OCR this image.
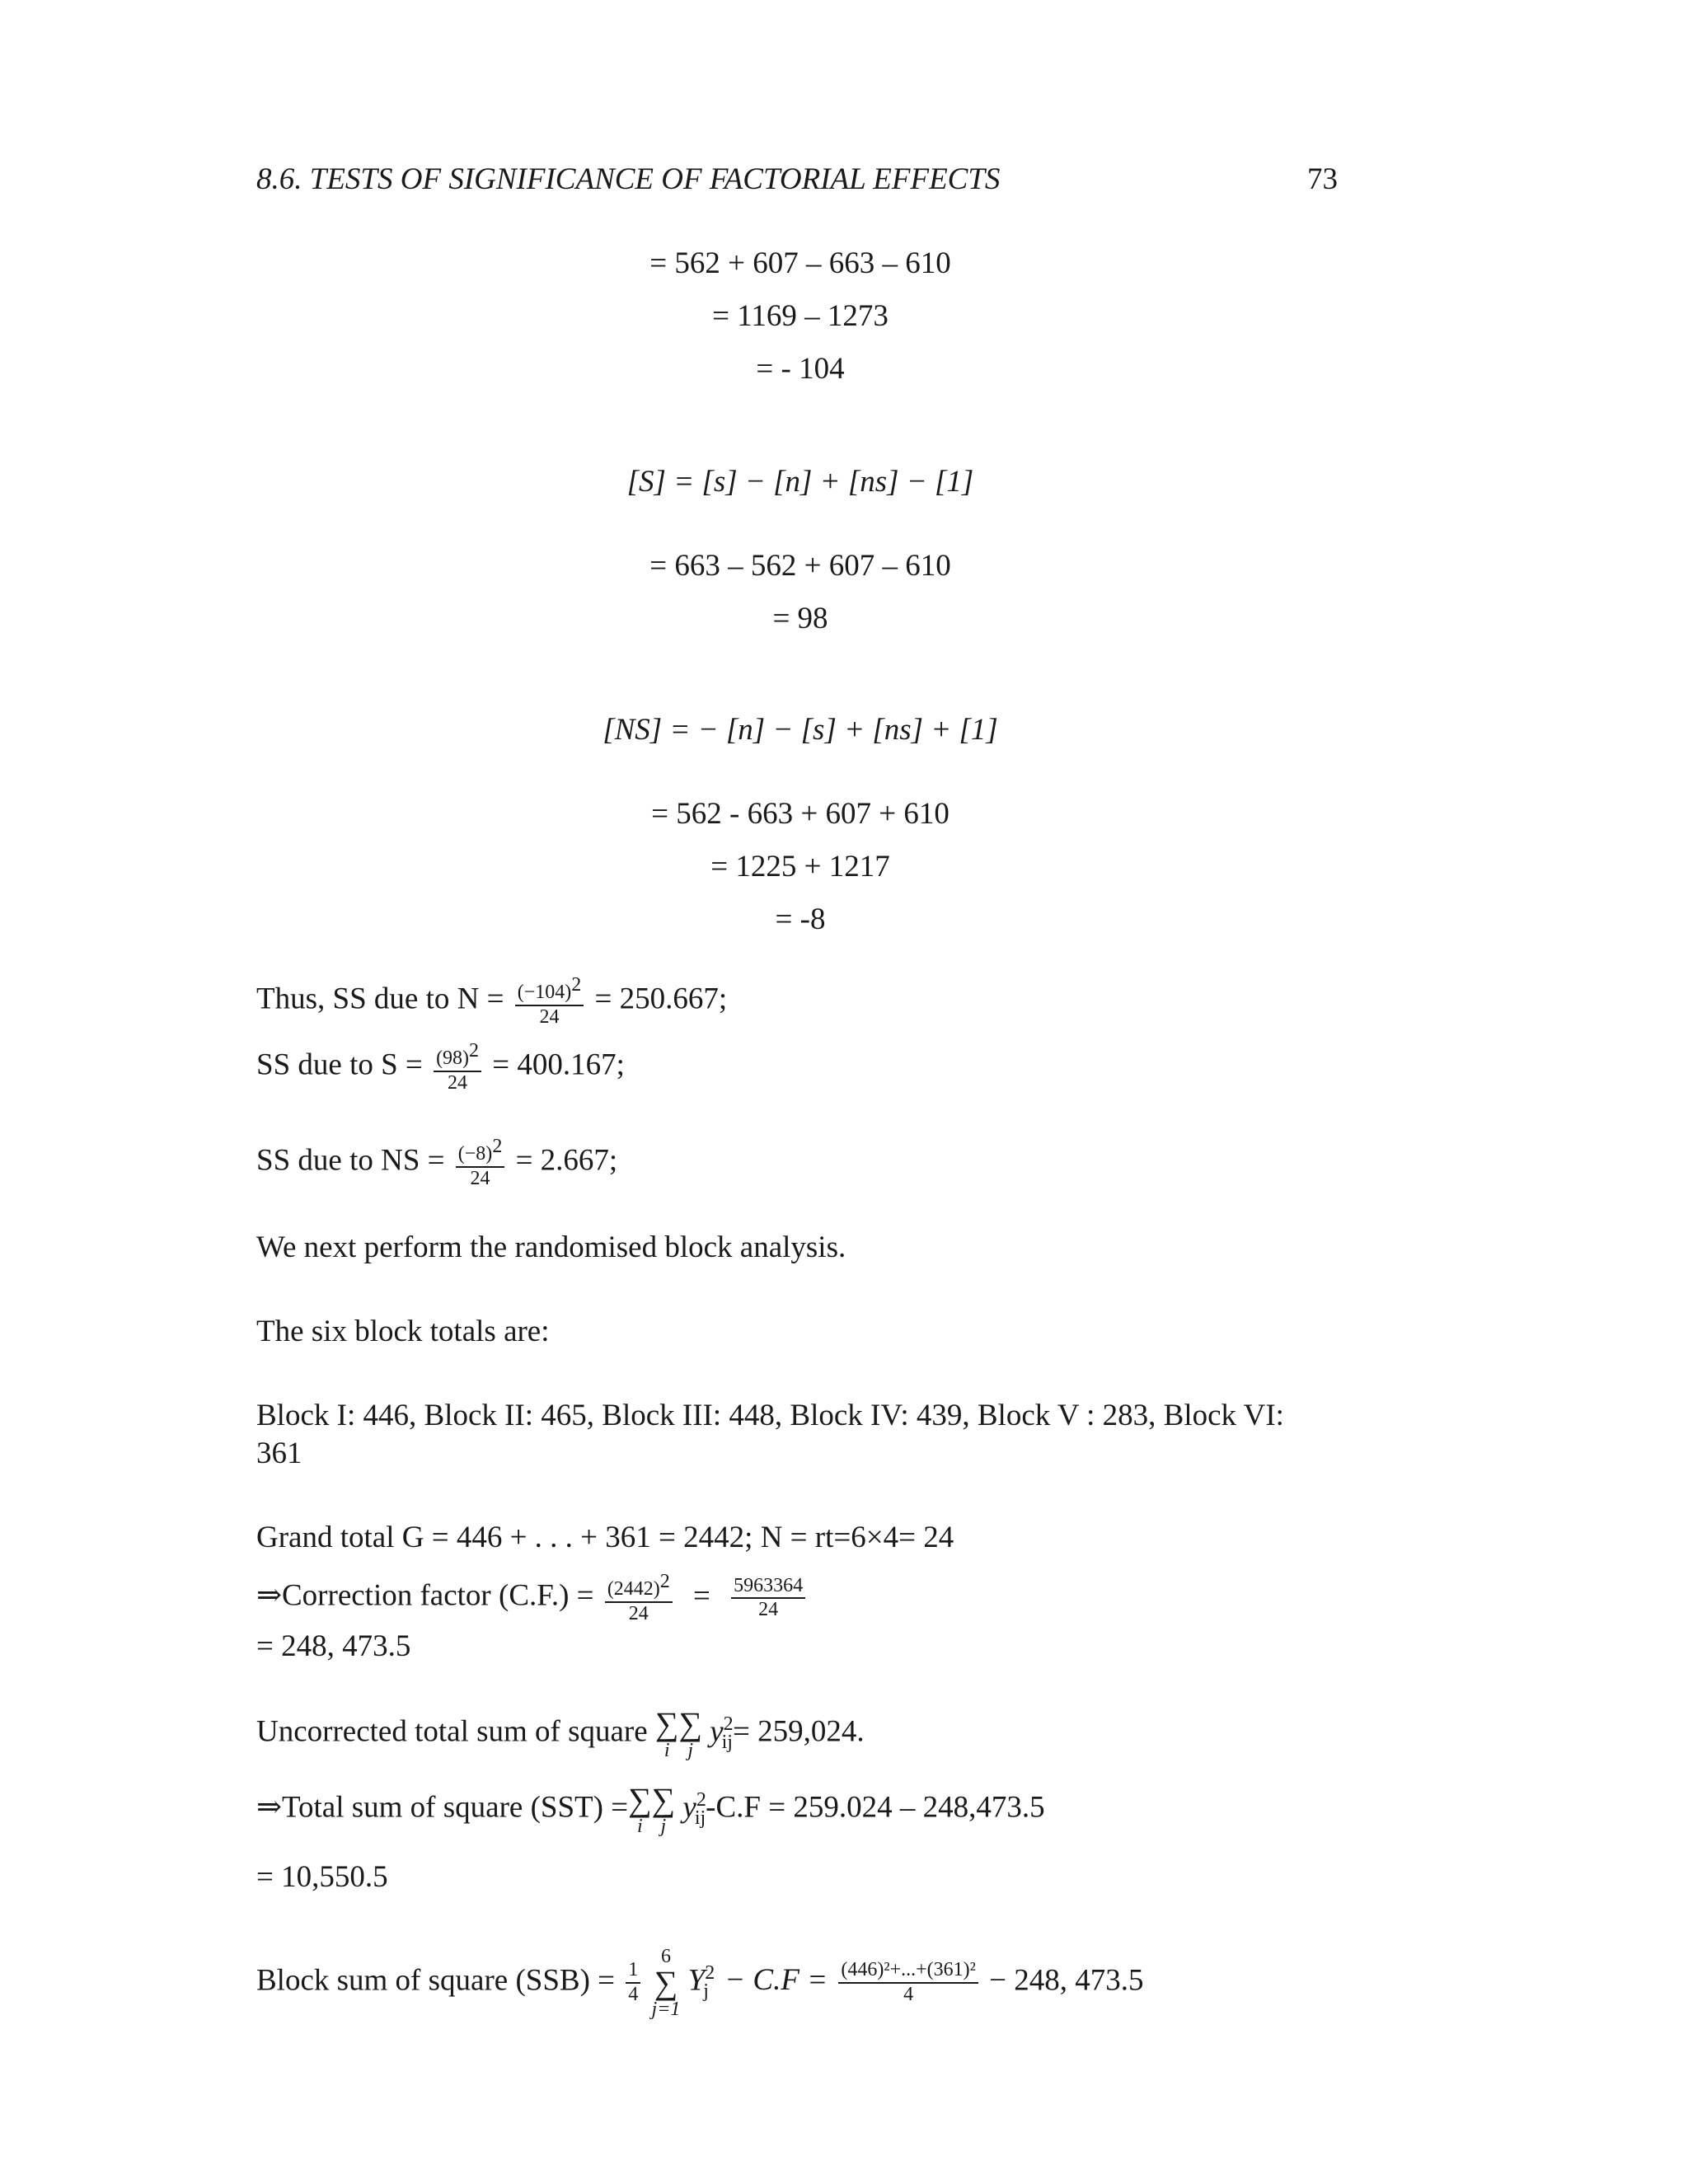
8.6. TESTS OF SIGNIFICANCE OF FACTORIAL EFFECTS	73
= 562 + 607 – 663 – 610
= 1169 – 1273
= - 104
[S] = [s] − [n] + [ns] − [1]
= 663 – 562 + 607 – 610
= 98
[NS] = − [n] − [s] + [ns] + [1]
= 562 - 663 + 607 + 610
= 1225 + 1217
= -8
Thus, SS due to $N = \frac{(-104)^2}{24} = 250.667$;
SS due to $S = \frac{(98)^2}{24} = 400.167$;
SS due to NS = $\frac{(-8)^2}{24} = 2.667$;
We next perform the randomised block analysis.
The six block totals are:
Block I: 446, Block II: 465, Block III: 448, Block IV: 439, Block V : 283, Block VI:
361
Grand total G = 446 + . . . + 361 = 2442; N = rt=6×4= 24
⇒Correction factor $(C.F.) = \frac{(2442)^2}{24} = \frac{5963364}{24}$
= 248, 473.5
Uncorrected total sum of square ∑
i
∑
j
$y^2_{ij}= 259,024$.
⇒Total sum of square (SST) = ∑
i
∑
j
$y^2_{ij}-C.F = 259.024 - 248,473.5$
= 10,550.5
Block sum of square $(SSB) = \frac{1}{4}$

6
∑
j=1
$Y^2_j - C.F = \frac{\text{(446)²+...+(361)²}}{4} - 248$, 473.5
